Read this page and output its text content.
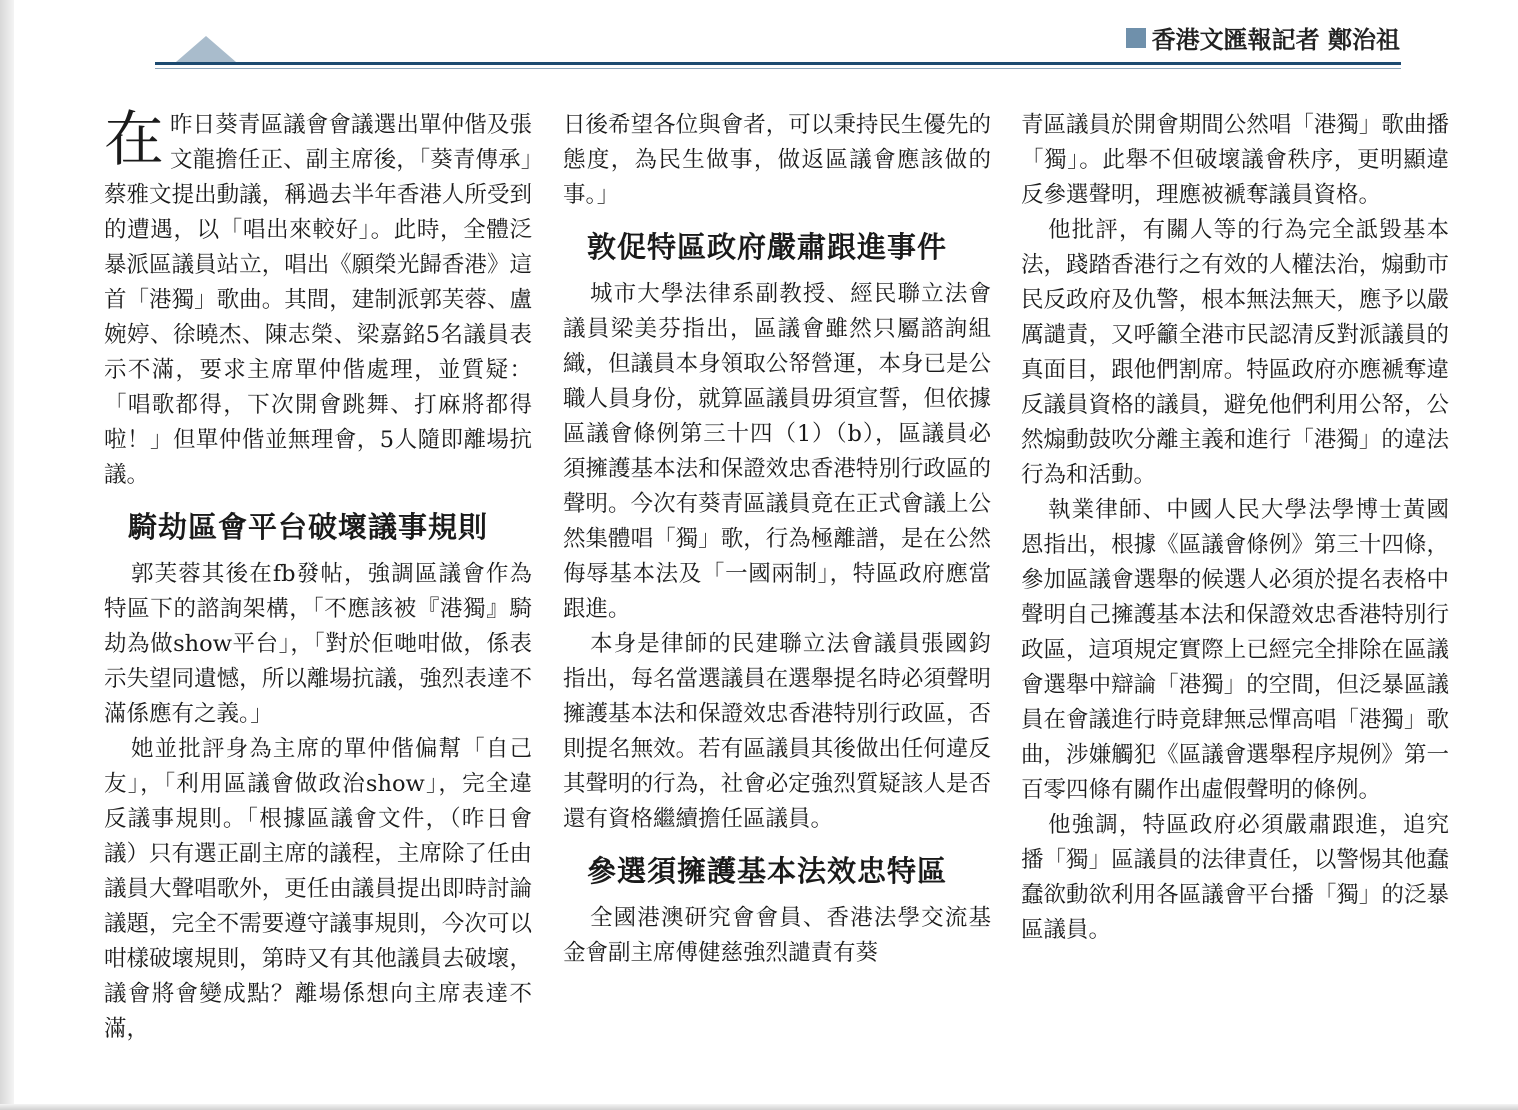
香港文匯報記者 鄭治祖

在昨日葵青區議會會議選出單仲偕及張文龍擔任正、副主席後，「葵青傳承」蔡雅文提出動議，稱過去半年香港人所受到的遭遇，以「唱出來較好」。此時，全體泛暴派區議員站立，唱出《願榮光歸香港》這首「港獨」歌曲。其間，建制派郭芙蓉、盧婉婷、徐曉杰、陳志榮、梁嘉銘5名議員表示不滿，要求主席單仲偕處理，並質疑：「唱歌都得，下次開會跳舞、打麻將都得啦！」但單仲偕並無理會，5人隨即離場抗議。

騎劫區會平台破壞議事規則

郭芙蓉其後在fb發帖，強調區議會作為特區下的諮詢架構，「不應該被『港獨』騎劫為做show平台」，「對於佢哋咁做，係表示失望同遺憾，所以離場抗議，強烈表達不滿係應有之義。」

她並批評身為主席的單仲偕偏幫「自己友」，「利用區議會做政治show」，完全違反議事規則。「根據區議會文件，（昨日會議）只有選正副主席的議程，主席除了任由議員大聲唱歌外，更任由議員提出即時討論議題，完全不需要遵守議事規則，今次可以咁樣破壞規則，第時又有其他議員去破壞，議會將會變成點？離場係想向主席表達不滿，

日後希望各位與會者，可以秉持民生優先的態度，為民生做事，做返區議會應該做的事。」

敦促特區政府嚴肅跟進事件

城市大學法律系副教授、經民聯立法會議員梁美芬指出，區議會雖然只屬諮詢組織，但議員本身領取公帑營運，本身已是公職人員身份，就算區議員毋須宣誓，但依據區議會條例第三十四（1）（b），區議員必須擁護基本法和保證效忠香港特別行政區的聲明。今次有葵青區議員竟在正式會議上公然集體唱「獨」歌，行為極離譜，是在公然侮辱基本法及「一國兩制」，特區政府應當跟進。

本身是律師的民建聯立法會議員張國鈞指出，每名當選議員在選舉提名時必須聲明擁護基本法和保證效忠香港特別行政區，否則提名無效。若有區議員其後做出任何違反其聲明的行為，社會必定強烈質疑該人是否還有資格繼續擔任區議員。

參選須擁護基本法效忠特區

全國港澳研究會會員、香港法學交流基金會副主席傅健慈強烈譴責有葵

青區議員於開會期間公然唱「港獨」歌曲播「獨」。此舉不但破壞議會秩序，更明顯違反參選聲明，理應被褫奪議員資格。

他批評，有關人等的行為完全詆毀基本法，踐踏香港行之有效的人權法治，煽動市民反政府及仇警，根本無法無天，應予以嚴厲譴責，又呼籲全港市民認清反對派議員的真面目，跟他們割席。特區政府亦應褫奪違反議員資格的議員，避免他們利用公帑，公然煽動鼓吹分離主義和進行「港獨」的違法行為和活動。

執業律師、中國人民大學法學博士黃國恩指出，根據《區議會條例》第三十四條，參加區議會選舉的候選人必須於提名表格中聲明自己擁護基本法和保證效忠香港特別行政區，這項規定實際上已經完全排除在區議會選舉中辯論「港獨」的空間，但泛暴區議員在會議進行時竟肆無忌憚高唱「港獨」歌曲，涉嫌觸犯《區議會選舉程序規例》第一百零四條有關作出虛假聲明的條例。

他強調，特區政府必須嚴肅跟進，追究播「獨」區議員的法律責任，以警惕其他蠢蠢欲動欲利用各區議會平台播「獨」的泛暴區議員。
